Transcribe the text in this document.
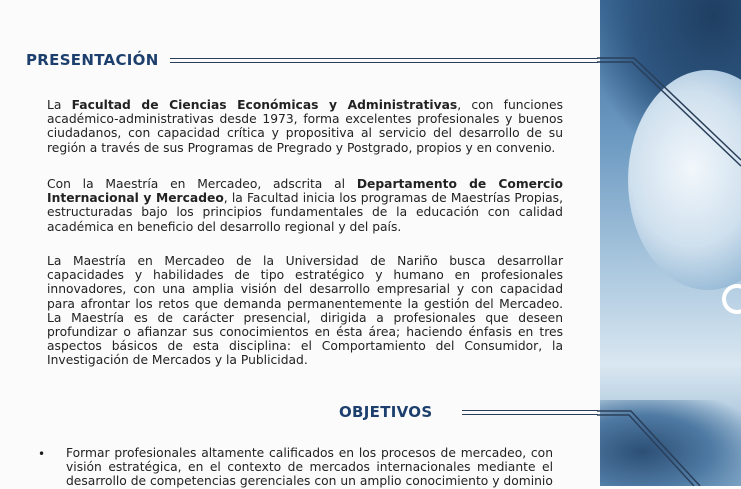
PRESENTACIÓN
La Facultad de Ciencias Económicas y Administrativas, con funciones académico-administrativas desde 1973, forma excelentes profesionales y buenos ciudadanos, con capacidad crítica y propositiva al servicio del desarrollo de su región a través de sus Programas de Pregrado y Postgrado, propios y en convenio.
Con la Maestría en Mercadeo, adscrita al Departamento de Comercio Internacional y Mercadeo, la Facultad inicia los programas de Maestrías Propias, estructuradas bajo los principios fundamentales de la educación con calidad académica en beneficio del desarrollo regional y del país.
La Maestría en Mercadeo de la Universidad de Nariño busca desarrollar capacidades y habilidades de tipo estratégico y humano en profesionales innovadores, con una amplia visión del desarrollo empresarial y con capacidad para afrontar los retos que demanda permanentemente la gestión del Mercadeo. La Maestría es de carácter presencial, dirigida a profesionales que deseen profundizar o afianzar sus conocimientos en ésta área; haciendo énfasis en tres aspectos básicos de esta disciplina: el Comportamiento del Consumidor, la Investigación de Mercados y la Publicidad.
OBJETIVOS
• Formar profesionales altamente calificados en los procesos de mercadeo, con visión estratégica, en el contexto de mercados internacionales mediante el desarrollo de competencias gerenciales con un amplio conocimiento y dominio
